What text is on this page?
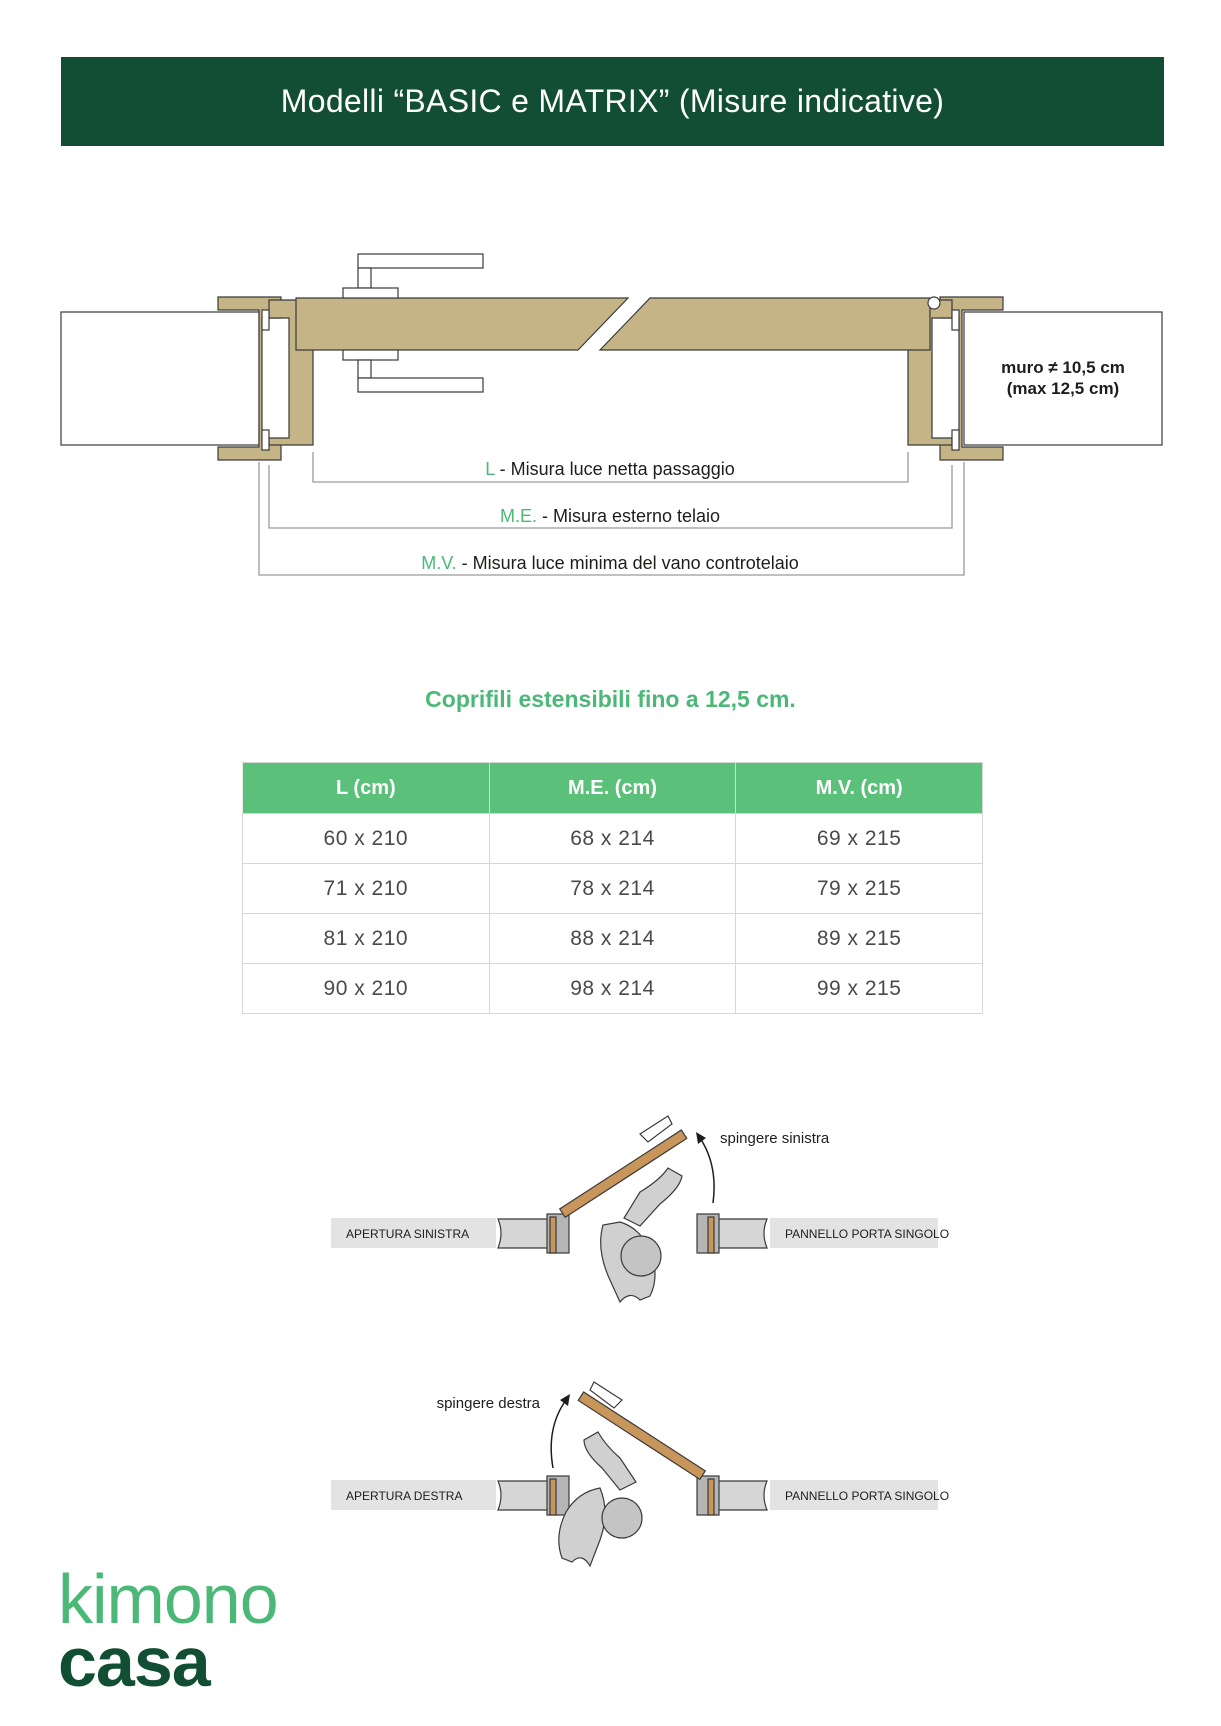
Modelli “BASIC e MATRIX” (Misure indicative)
muro ≠ 10,5 cm
(max 12,5 cm)
L - Misura luce netta passaggio
M.E. - Misura esterno telaio
M.V. - Misura luce minima del vano controtelaio
Coprifili estensibili fino a 12,5 cm.
L (cm)	M.E. (cm)	M.V. (cm)
60 x 210	68 x 214	69 x 215
71 x 210	78 x 214	79 x 215
81 x 210	88 x 214	89 x 215
90 x 210	98 x 214	99 x 215
APERTURA SINISTRA	PANNELLO PORTA SINGOLO
spingere sinistra
APERTURA DESTRA	PANNELLO PORTA SINGOLO
spingere destra
kimono
casa
